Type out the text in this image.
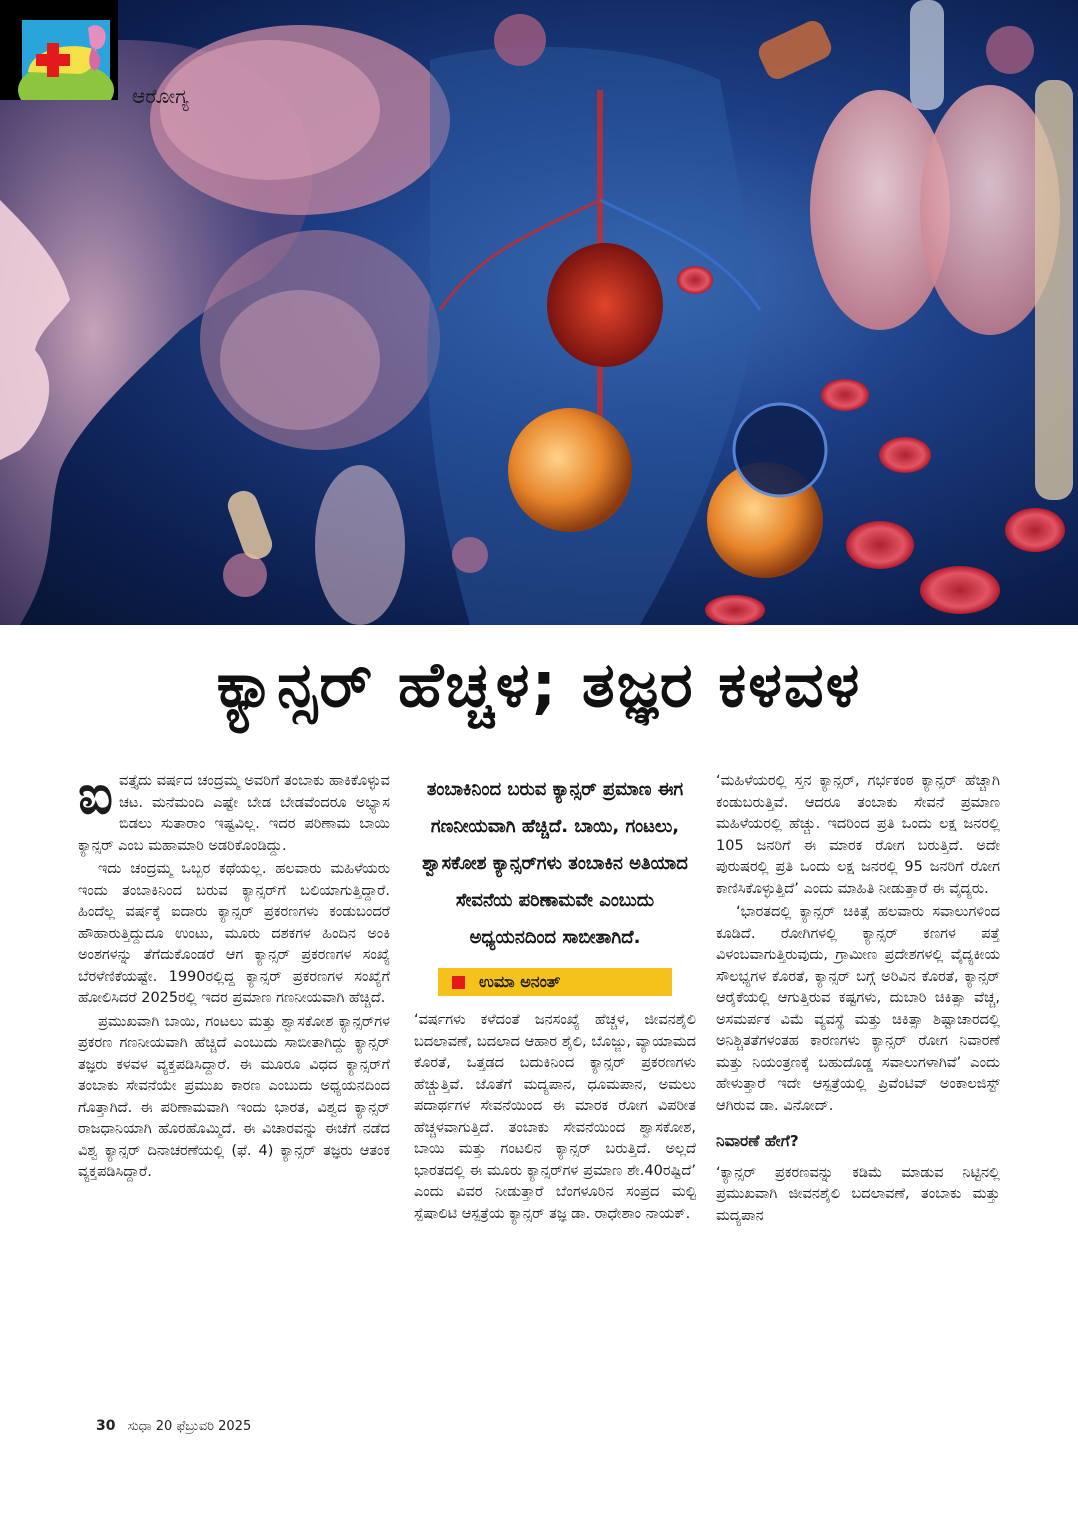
ಆರೋಗ್ಯ
ಕ್ಯಾನ್ಸರ್ ಹೆಚ್ಚಳ; ತಜ್ಞರ ಕಳವಳ
ಐ ವತ್ತೈದು ವರ್ಷದ ಚಂದ್ರಮ್ಮ ಅವರಿಗೆ ತಂಬಾಕು ಹಾಕಿಕೊಳ್ಳುವ ಚಟ. ಮನೆಮಂದಿ ಎಷ್ಟೇ ಬೇಡ ಬೇಡವೆಂದರೂ ಅಭ್ಯಾಸ ಬಿಡಲು ಸುತಾರಾಂ ಇಷ್ಟವಿಲ್ಲ. ಇದರ ಪರಿಣಾಮ ಬಾಯಿ ಕ್ಯಾನ್ಸರ್ ಎಂಬ ಮಹಾಮಾರಿ ಅಡರಿಕೊಂಡಿದ್ದು.

ಇದು ಚಂದ್ರಮ್ಮ ಒಬ್ಬರ ಕಥೆಯಲ್ಲ. ಹಲವಾರು ಮಹಿಳೆಯರು ಇಂದು ತಂಬಾಕಿನಿಂದ ಬರುವ ಕ್ಯಾನ್ಸರ್‌ಗೆ ಬಲಿಯಾಗುತ್ತಿದ್ದಾರೆ. ಹಿಂದೆಲ್ಲ ವರ್ಷಕ್ಕೆ ಐದಾರು ಕ್ಯಾನ್ಸರ್ ಪ್ರಕರಣಗಳು ಕಂಡುಬಂದರೆ ಹೌಹಾರುತ್ತಿದ್ದುದೂ ಉಂಟು, ಮೂರು ದಶಕಗಳ ಹಿಂದಿನ ಅಂಕಿ ಅಂಶಗಳನ್ನು ತೆಗೆದುಕೊಂಡರೆ ಆಗ ಕ್ಯಾನ್ಸರ್ ಪ್ರಕರಣಗಳ ಸಂಖ್ಯೆ ಬೆರಳೆಣಿಕೆಯಷ್ಟೇ. 1990ರಲ್ಲಿದ್ದ ಕ್ಯಾನ್ಸರ್ ಪ್ರಕರಣಗಳ ಸಂಖ್ಯೆಗೆ ಹೋಲಿಸಿದರೆ 2025ರಲ್ಲಿ ಇದರ ಪ್ರಮಾಣ ಗಣನೀಯವಾಗಿ ಹೆಚ್ಚಿದೆ.

ಪ್ರಮುಖವಾಗಿ ಬಾಯಿ, ಗಂಟಲು ಮತ್ತು ಶ್ವಾಸಕೋಶ ಕ್ಯಾನ್ಸರ್‌ಗಳ ಪ್ರಕರಣ ಗಣನೀಯವಾಗಿ ಹೆಚ್ಚಿದೆ ಎಂಬುದು ಸಾಬೀತಾಗಿದ್ದು ಕ್ಯಾನ್ಸರ್ ತಜ್ಞರು ಕಳವಳ ವ್ಯಕ್ತಪಡಿಸಿದ್ದಾರೆ. ಈ ಮೂರೂ ವಿಧದ ಕ್ಯಾನ್ಸರ್‌ಗೆ ತಂಬಾಕು ಸೇವನೆಯೇ ಪ್ರಮುಖ ಕಾರಣ ಎಂಬುದು ಅಧ್ಯಯನದಿಂದ ಗೊತ್ತಾಗಿದೆ. ಈ ಪರಿಣಾಮವಾಗಿ ಇಂದು ಭಾರತ, ವಿಶ್ವದ ಕ್ಯಾನ್ಸರ್ ರಾಜಧಾನಿಯಾಗಿ ಹೊರಹೊಮ್ಮಿದೆ. ಈ ವಿಚಾರವನ್ನು ಈಚೆಗೆ ನಡೆದ ವಿಶ್ವ ಕ್ಯಾನ್ಸರ್ ದಿನಾಚರಣೆಯಲ್ಲಿ (ಫೆ. 4) ಕ್ಯಾನ್ಸರ್ ತಜ್ಞರು ಆತಂಕ ವ್ಯಕ್ತಪಡಿಸಿದ್ದಾರೆ.

ತಂಬಾಕಿನಿಂದ ಬರುವ ಕ್ಯಾನ್ಸರ್ ಪ್ರಮಾಣ ಈಗ ಗಣನೀಯವಾಗಿ ಹೆಚ್ಚಿದೆ. ಬಾಯಿ, ಗಂಟಲು, ಶ್ವಾಸಕೋಶ ಕ್ಯಾನ್ಸರ್‌ಗಳು ತಂಬಾಕಿನ ಅತಿಯಾದ ಸೇವನೆಯ ಪರಿಣಾಮವೇ ಎಂಬುದು ಅಧ್ಯಯನದಿಂದ ಸಾಬೀತಾಗಿದೆ.
ಉಮಾ ಅನಂತ್

‘ವರ್ಷಗಳು ಕಳೆದಂತೆ ಜನಸಂಖ್ಯೆ ಹೆಚ್ಚಳ, ಜೀವನಶೈಲಿ ಬದಲಾವಣೆ, ಬದಲಾದ ಆಹಾರ ಶೈಲಿ, ಬೊಜ್ಜು, ವ್ಯಾಯಾಮದ ಕೊರತೆ, ಒತ್ತಡದ ಬದುಕಿನಿಂದ ಕ್ಯಾನ್ಸರ್ ಪ್ರಕರಣಗಳು ಹೆಚ್ಚುತ್ತಿವೆ. ಜೊತೆಗೆ ಮದ್ಯಪಾನ, ಧೂಮಪಾನ, ಅಮಲು ಪದಾರ್ಥಗಳ ಸೇವನೆಯಿಂದ ಈ ಮಾರಕ ರೋಗ ವಿಪರೀತ ಹೆಚ್ಚಳವಾಗುತ್ತಿದೆ. ತಂಬಾಕು ಸೇವನೆಯಿಂದ ಶ್ವಾಸಕೋಶ, ಬಾಯಿ ಮತ್ತು ಗಂಟಲಿನ ಕ್ಯಾನ್ಸರ್ ಬರುತ್ತಿದೆ. ಅಲ್ಲದೆ ಭಾರತದಲ್ಲಿ ಈ ಮೂರು ಕ್ಯಾನ್ಸರ್‌ಗಳ ಪ್ರಮಾಣ ಶೇ.40ರಷ್ಟಿದೆ’ ಎಂದು ವಿವರ ನೀಡುತ್ತಾರೆ ಬೆಂಗಳೂರಿನ ಸಂಪ್ರದ ಮಲ್ಟಿ ಸ್ಪೆಷಾಲಿಟಿ ಆಸ್ಪತ್ರೆಯ ಕ್ಯಾನ್ಸರ್ ತಜ್ಞ ಡಾ. ರಾಧೇಶಾಂ ನಾಯಕ್.

‘ಮಹಿಳೆಯರಲ್ಲಿ ಸ್ತನ ಕ್ಯಾನ್ಸರ್, ಗರ್ಭಕಂಠ ಕ್ಯಾನ್ಸರ್ ಹೆಚ್ಚಾಗಿ ಕಂಡುಬರುತ್ತಿವೆ. ಆದರೂ ತಂಬಾಕು ಸೇವನೆ ಪ್ರಮಾಣ ಮಹಿಳೆಯರಲ್ಲಿ ಹೆಚ್ಚು. ಇದರಿಂದ ಪ್ರತಿ ಒಂದು ಲಕ್ಷ ಜನರಲ್ಲಿ 105 ಜನರಿಗೆ ಈ ಮಾರಕ ರೋಗ ಬರುತ್ತಿದೆ. ಅದೇ ಪುರುಷರಲ್ಲಿ ಪ್ರತಿ ಒಂದು ಲಕ್ಷ ಜನರಲ್ಲಿ 95 ಜನರಿಗೆ ರೋಗ ಕಾಣಿಸಿಕೊಳ್ಳುತ್ತಿದೆ’ ಎಂದು ಮಾಹಿತಿ ನೀಡುತ್ತಾರೆ ಈ ವೈದ್ಯರು.

‘ಭಾರತದಲ್ಲಿ ಕ್ಯಾನ್ಸರ್ ಚಿಕಿತ್ಸೆ ಹಲವಾರು ಸವಾಲುಗಳಿಂದ ಕೂಡಿದೆ. ರೋಗಿಗಳಲ್ಲಿ ಕ್ಯಾನ್ಸರ್ ಕಣಗಳ ಪತ್ತೆ ವಿಳಂಬವಾಗುತ್ತಿರುವುದು, ಗ್ರಾಮೀಣ ಪ್ರದೇಶಗಳಲ್ಲಿ ವೈದ್ಯಕೀಯ ಸೌಲಭ್ಯಗಳ ಕೊರತೆ, ಕ್ಯಾನ್ಸರ್ ಬಗ್ಗೆ ಅರಿವಿನ ಕೊರತೆ, ಕ್ಯಾನ್ಸರ್ ಆರೈಕೆಯಲ್ಲಿ ಆಗುತ್ತಿರುವ ಕಷ್ಟಗಳು, ದುಬಾರಿ ಚಿಕಿತ್ಸಾ ವೆಚ್ಚ, ಅಸಮರ್ಪಕ ವಿಮೆ ವ್ಯವಸ್ಥೆ ಮತ್ತು ಚಿಕಿತ್ಸಾ ಶಿಷ್ಟಾಚಾರದಲ್ಲಿ ಅನಿಶ್ಚಿತತೆಗಳಂತಹ ಕಾರಣಗಳು ಕ್ಯಾನ್ಸರ್ ರೋಗ ನಿವಾರಣೆ ಮತ್ತು ನಿಯಂತ್ರಣಕ್ಕೆ ಬಹುದೊಡ್ಡ ಸವಾಲುಗಳಾಗಿವೆ’ ಎಂದು ಹೇಳುತ್ತಾರೆ ಇದೇ ಆಸ್ಪತ್ರೆಯಲ್ಲಿ ಪ್ರಿವೆಂಟಿವ್ ಅಂಕಾಲಜಿಸ್ಟ್ ಆಗಿರುವ ಡಾ. ವಿನೋದ್.

ನಿವಾರಣೆ ಹೇಗೆ?

‘ಕ್ಯಾನ್ಸರ್ ಪ್ರಕರಣವನ್ನು ಕಡಿಮೆ ಮಾಡುವ ನಿಟ್ಟಿನಲ್ಲಿ ಪ್ರಮುಖವಾಗಿ ಜೀವನಶೈಲಿ ಬದಲಾವಣೆ, ತಂಬಾಕು ಮತ್ತು ಮದ್ಯಪಾನ

30 ಸುಧಾ 20 ಫೆಬ್ರುವರಿ 2025
